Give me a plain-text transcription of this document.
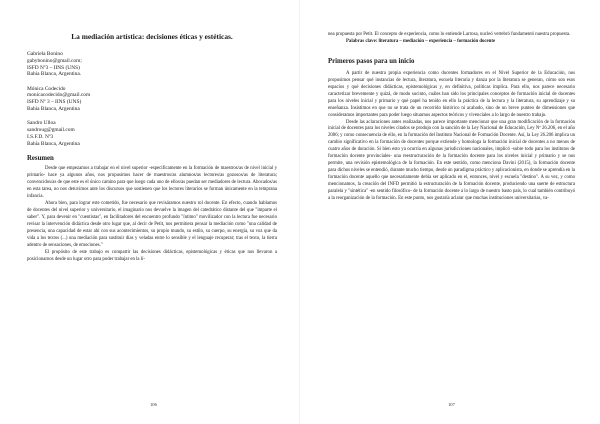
La mediación artística: decisiones éticas y estéticas.
Gabriela Bonino
gabybonino@gmail.com;
ISFD Nº3 – IINS (UNS)
Bahía Blanca, Argentina.
Mónica Codecido
monicacodecido@gmail.com
ISFD Nº 3 – IINS (UNS)
Bahía Blanca, Argentina
Sandro Ulloa
sandroug@gmail.com
I.S.F.D. Nº3
Bahía Blanca, Argentina
Resumen

Desde que empezamos a trabajar en el nivel superior -especificamente en la formación de maestros/as de nivel inicial y primario- hace ya algunos años, nos propusimos hacer de maestros/as alumnos/as lectores/as gozosos/as de literatura; convencidos/as de que este es el único camino para que luego cada uno de ellos/as puedan ser mediadores de lectura. Abocados/as en esta tarea, no nos detuvimos ante los discursos que sostienen que los lectores literarios se forman únicamente en la temprana infancia.

Ahora bien, para lograr este cometido, fue necesario que revisáramos nuestro rol docente. En efecto, cuando hablamos de docentes del nivel superior y universitario, el imaginario nos devuelve la imagen del catedrático distante del que "imparte el saber". Y, para devenir en "cuentistas", en facilitadores del encuentro profundo "íntimo" movilizador con la lectura fue necesario revisar la intervención didáctica desde otro lugar que, al decir de Petit, nos permitiera pensar la mediación como "una calidad de presencia, una capacidad de estar ahí con sus acontecimientos, su propio mundo, su estilo, su cuerpo, su energía, su voz que da vida a los textos (...) una mediación para sustituir días y veladas entre lo sensible y el lenguaje recuperar; tras el texto, la tierra adentro de sensaciones, de emociones."

El propósito de este trabajo es compartir las decisiones didácticas, epistemológicas y éticas que nos llevaron a posicionarnos desde un lugar otro para poder trabajar en la lí-

106

nea propuesta por Petit. El concepto de experiencia, como lo entiende Larrosa, nucleó vertebró fundamentó nuestra propuesta.

Palabras clave: literatura – mediación – experiencia – formación docente
Primeros pasos para un inicio

A partir de nuestra propia experiencia como docentes formadores en el Nivel Superior de la Educación, nos propusimos pensar qué instancias de lectura, literatura, escuela literaria y danza por la literatura se generan, cómo son esos espacios y qué decisiones didácticas, epistemológicas y, en definitiva, políticas implica. Para ello, nos parece necesario caracterizar brevemente y quizá, de modo sucinto, cuáles han sido los principales conceptos de formación inicial de docentes para los niveles inicial y primario y qué papel ha tenido en ello la práctica de la lectura y la literatura, su aprendizaje y su enseñanza. Insistimos en que no se trata de un recorrido histórico ni acabado, sino de un breve punteo de dimensiones que consideramos importantes para poder luego situarnos aspectos teóricos y vivenciales a lo largo de nuestro trabajo.

Desde las aclaraciones antes realizadas, nos parece importante mencionar que una gran modificación de la formación inicial de docentes para los niveles citados se produjo con la sanción de la Ley Nacional de Educación, Ley Nº 26.206, en el año 2006; y como consecuencia de ello, en la formación del Instituto Nacional de Formación Docente. Así, la Ley 26.206 implica un cambio significativo en la formación de docentes porque extiende y homologa la formación inicial de docentes a no menos de cuatro años de duración. Si bien esto ya ocurría en algunas jurisdicciones nacionales, implicó -sobre todo para los institutos de formación docente provinciales- una reestructuración de la formación docente para los niveles inicial y primario y se nos permite, una revisión epistemológica de la formación. En este sentido, como menciona Davini (2015), la formación docente para dichos niveles se entendió, durante mucho tiempo, desde un paradigma práctico y aplicacionista, en donde se aprendía en la formación docente aquello que necesariamente debía ser aplicado en el, entonces, nivel y escuela "destino". A su vez, y como mencionamos, la creación del INFD permitió la estructuración de la formación docente, produciendo una suerte de estructura paralela y "sintética" -en sentido filosófico- de la formación docente a lo largo de nuestro basto país, lo cual también contribuyó a la reorganización de la formación. En este punto, nos gustaría aclarar que muchas instituciones universitarias, va-

107
